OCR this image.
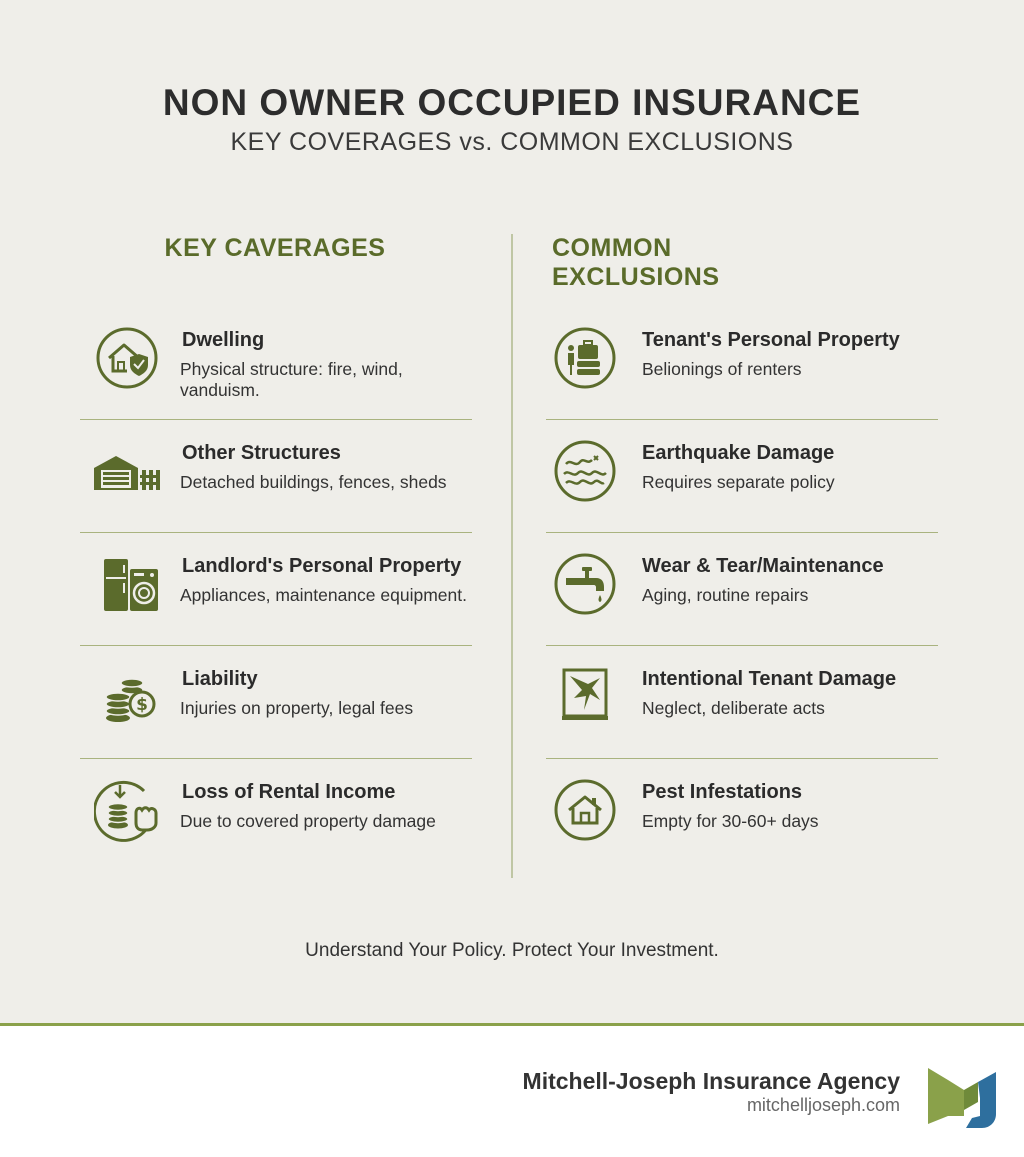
NON OWNER OCCUPIED INSURANCE
KEY COVERAGES vs. COMMON EXCLUSIONS
KEY CAVERAGES	COMMON EXCLUSIONS
Dwelling
Physical structure: fire, wind, vanduism.
Other Structures
Detached buildings, fences, sheds
Landlord's Personal Property
Appliances, maintenance equipment.
$
Liability
Injuries on property, legal fees
Loss of Rental Income
Due to covered property damage
Tenant's Personal Property
Belionings of renters
Earthquake Damage
Requires separate policy
Wear & Tear/Maintenance
Aging, routine repairs
Intentional Tenant Damage
Neglect, deliberate acts
Pest Infestations
Empty for 30-60+ days
Understand Your Policy. Protect Your Investment.
Mitchell-Joseph Insurance Agency
mitchelljoseph.com
